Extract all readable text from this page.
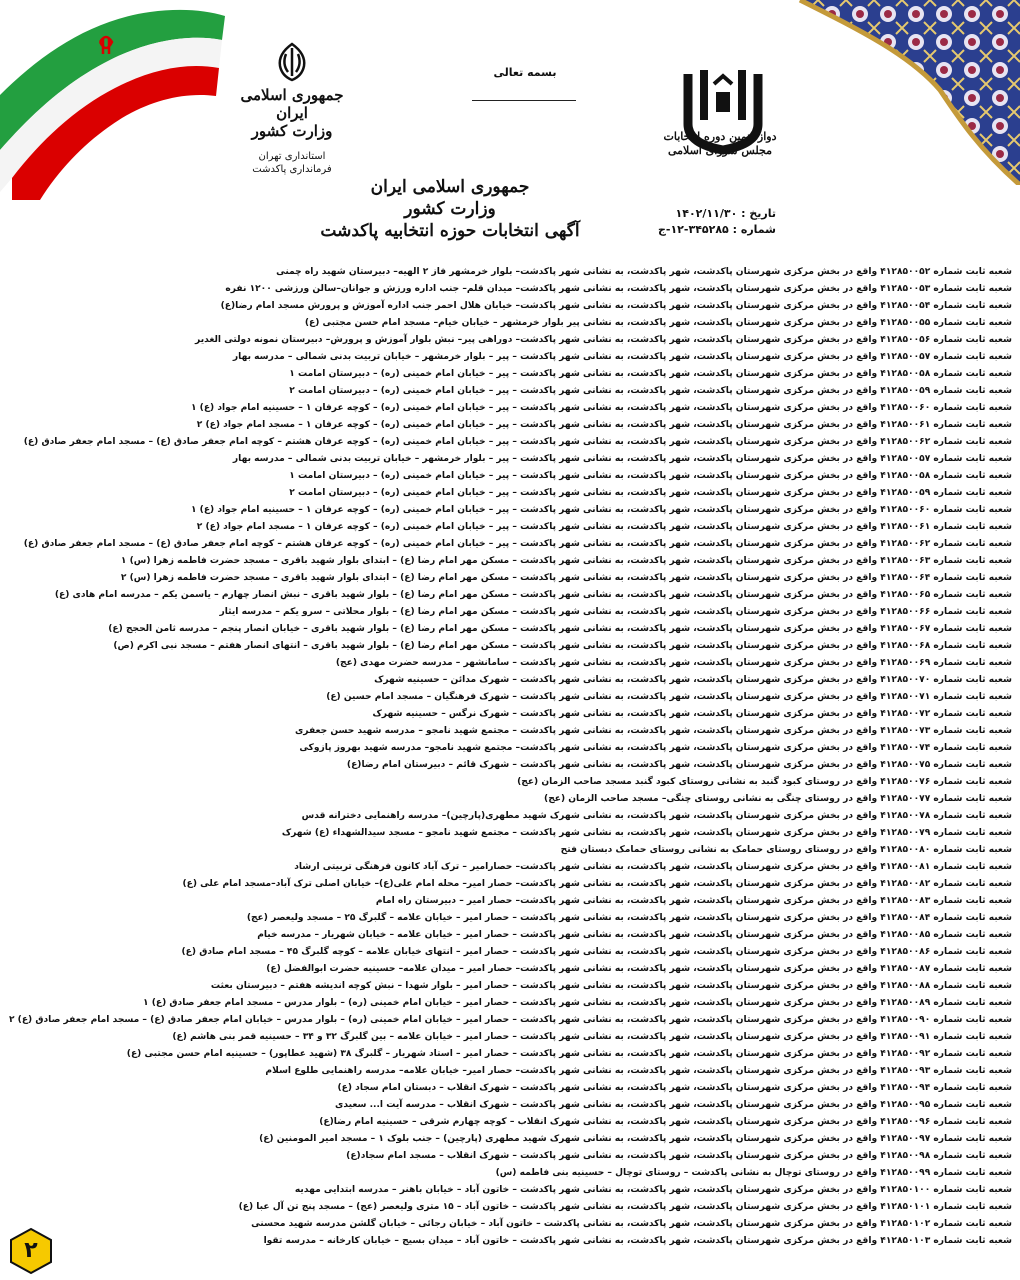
جمهوری اسلامی ایران
وزارت کشور
استانداری تهران
فرمانداری پاکدشت
بسمه تعالی
دوازدهمین دوره انتخابات
مجلس شورای اسلامی
جمهوری اسلامی ایران
وزارت کشور
آگهی انتخابات حوزه انتخابیه پاکدشت
تاریخ : ۱۴۰۲/۱۱/۳۰
شماره : ۳۴۵۲۸۵-۱۲-ج
شعبه ثابت شماره ۴۱۲۸۵۰۰۵۲ واقع در بخش مرکزی شهرستان پاکدشت، شهر پاکدشت، به نشانی شهر پاکدشت– بلوار خرمشهر فاز ۲ الهیه– دبیرستان شهید راه چمنی
شعبه ثابت شماره ۴۱۲۸۵۰۰۵۳ واقع در بخش مرکزی شهرستان پاکدشت، شهر پاکدشت، به نشانی شهر پاکدشت– میدان قلم– جنب اداره ورزش و جوانان–سالن ورزشی ۱۲۰۰ نفره
شعبه ثابت شماره ۴۱۲۸۵۰۰۵۴ واقع در بخش مرکزی شهرستان پاکدشت، شهر پاکدشت، به نشانی شهر پاکدشت– خیابان هلال احمر جنب اداره آموزش و پرورش مسجد امام رضا(ع)
شعبه ثابت شماره ۴۱۲۸۵۰۰۵۵ واقع در بخش مرکزی شهرستان پاکدشت، شهر پاکدشت، به نشانی پیر بلوار خرمشهر – خیابان خیام– مسجد امام حسن مجتبی (ع)
شعبه ثابت شماره ۴۱۲۸۵۰۰۵۶ واقع در بخش مرکزی شهرستان پاکدشت، شهر پاکدشت، به نشانی شهر پاکدشت– دوراهی پیر– نبش بلوار آموزش و پرورش– دبیرستان نمونه دولتی الغدیر
شعبه ثابت شماره ۴۱۲۸۵۰۰۵۷ واقع در بخش مرکزی شهرستان پاکدشت، شهر پاکدشت، به نشانی شهر پاکدشت – پیر – بلوار خرمشهر – خیابان تربیت بدنی شمالی – مدرسه بهار
شعبه ثابت شماره ۴۱۲۸۵۰۰۵۸ واقع در بخش مرکزی شهرستان پاکدشت، شهر پاکدشت، به نشانی شهر پاکدشت – پیر – خیابان امام خمینی (ره) – دبیرستان امامت ۱
شعبه ثابت شماره ۴۱۲۸۵۰۰۵۹ واقع در بخش مرکزی شهرستان پاکدشت، شهر پاکدشت، به نشانی شهر پاکدشت – پیر – خیابان امام خمینی (ره) – دبیرستان امامت ۲
شعبه ثابت شماره ۴۱۲۸۵۰۰۶۰ واقع در بخش مرکزی شهرستان پاکدشت، شهر پاکدشت، به نشانی شهر پاکدشت – پیر – خیابان امام خمینی (ره) – کوچه عرفان ۱ – حسینیه امام جواد (ع) ۱
شعبه ثابت شماره ۴۱۲۸۵۰۰۶۱ واقع در بخش مرکزی شهرستان پاکدشت، شهر پاکدشت، به نشانی شهر پاکدشت – پیر – خیابان امام خمینی (ره) – کوچه عرفان ۱ – مسجد امام جواد (ع) ۲
شعبه ثابت شماره ۴۱۲۸۵۰۰۶۲ واقع در بخش مرکزی شهرستان پاکدشت، شهر پاکدشت، به نشانی شهر پاکدشت – پیر – خیابان امام خمینی (ره) – کوچه عرفان هشتم – کوچه امام جعفر صادق (ع) – مسجد امام جعفر صادق (ع)
شعبه ثابت شماره ۴۱۲۸۵۰۰۵۷ واقع در بخش مرکزی شهرستان پاکدشت، شهر پاکدشت، به نشانی شهر پاکدشت – پیر – بلوار خرمشهر – خیابان تربیت بدنی شمالی – مدرسه بهار
شعبه ثابت شماره ۴۱۲۸۵۰۰۵۸ واقع در بخش مرکزی شهرستان پاکدشت، شهر پاکدشت، به نشانی شهر پاکدشت – پیر – خیابان امام خمینی (ره) – دبیرستان امامت ۱
شعبه ثابت شماره ۴۱۲۸۵۰۰۵۹ واقع در بخش مرکزی شهرستان پاکدشت، شهر پاکدشت، به نشانی شهر پاکدشت – پیر – خیابان امام خمینی (ره) – دبیرستان امامت ۲
شعبه ثابت شماره ۴۱۲۸۵۰۰۶۰ واقع در بخش مرکزی شهرستان پاکدشت، شهر پاکدشت، به نشانی شهر پاکدشت – پیر – خیابان امام خمینی (ره) – کوچه عرفان ۱ – حسینیه امام جواد (ع) ۱
شعبه ثابت شماره ۴۱۲۸۵۰۰۶۱ واقع در بخش مرکزی شهرستان پاکدشت، شهر پاکدشت، به نشانی شهر پاکدشت – پیر – خیابان امام خمینی (ره) – کوچه عرفان ۱ – مسجد امام جواد (ع) ۲
شعبه ثابت شماره ۴۱۲۸۵۰۰۶۲ واقع در بخش مرکزی شهرستان پاکدشت، شهر پاکدشت، به نشانی شهر پاکدشت – پیر – خیابان امام خمینی (ره) – کوچه عرفان هشتم – کوچه امام جعفر صادق (ع) – مسجد امام جعفر صادق (ع)
شعبه ثابت شماره ۴۱۲۸۵۰۰۶۳ واقع در بخش مرکزی شهرستان پاکدشت، شهر پاکدشت، به نشانی شهر پاکدشت – مسکن مهر امام رضا (ع) – ابتدای بلوار شهید باقری – مسجد حضرت فاطمه زهرا (س) ۱
شعبه ثابت شماره ۴۱۲۸۵۰۰۶۴ واقع در بخش مرکزی شهرستان پاکدشت، شهر پاکدشت، به نشانی شهر پاکدشت – مسکن مهر امام رضا (ع) – ابتدای بلوار شهید باقری – مسجد حضرت فاطمه زهرا (س) ۲
شعبه ثابت شماره ۴۱۲۸۵۰۰۶۵ واقع در بخش مرکزی شهرستان پاکدشت، شهر پاکدشت، به نشانی شهر پاکدشت – مسکن مهر امام رضا (ع) – بلوار شهید باقری – نبش انصار چهارم – یاسمن یکم – مدرسه امام هادی (ع)
شعبه ثابت شماره ۴۱۲۸۵۰۰۶۶ واقع در بخش مرکزی شهرستان پاکدشت، شهر پاکدشت، به نشانی شهر پاکدشت – مسکن مهر امام رضا (ع) – بلوار محلاتی – سرو یکم – مدرسه ایثار
شعبه ثابت شماره ۴۱۲۸۵۰۰۶۷ واقع در بخش مرکزی شهرستان پاکدشت، شهر پاکدشت، به نشانی شهر پاکدشت – مسکن مهر امام رضا (ع) – بلوار شهید باقری – خیابان انصار پنجم – مدرسه ثامن الحجج (ع)
شعبه ثابت شماره ۴۱۲۸۵۰۰۶۸ واقع در بخش مرکزی شهرستان پاکدشت، شهر پاکدشت، به نشانی شهر پاکدشت – مسکن مهر امام رضا (ع) – بلوار شهید باقری – انتهای انصار هفتم – مسجد نبی اکرم (ص)
شعبه ثابت شماره ۴۱۲۸۵۰۰۶۹ واقع در بخش مرکزی شهرستان پاکدشت، شهر پاکدشت، به نشانی شهر پاکدشت – سامانشهر – مدرسه حضرت مهدی (عج)
شعبه ثابت شماره ۴۱۲۸۵۰۰۷۰ واقع در بخش مرکزی شهرستان پاکدشت، شهر پاکدشت، به نشانی شهر پاکدشت – شهرک مدائن – حسینیه شهرک
شعبه ثابت شماره ۴۱۲۸۵۰۰۷۱ واقع در بخش مرکزی شهرستان پاکدشت، شهر پاکدشت، به نشانی شهر پاکدشت – شهرک فرهنگیان – مسجد امام حسین (ع)
شعبه ثابت شماره ۴۱۲۸۵۰۰۷۲ واقع در بخش مرکزی شهرستان پاکدشت، شهر پاکدشت، به نشانی شهر پاکدشت – شهرک نرگس – حسینیه شهرک
شعبه ثابت شماره ۴۱۲۸۵۰۰۷۳ واقع در بخش مرکزی شهرستان پاکدشت، شهر پاکدشت، به نشانی شهر پاکدشت – مجتمع شهید نامجو – مدرسه شهید حسن جعفری
شعبه ثابت شماره ۴۱۲۸۵۰۰۷۴ واقع در بخش مرکزی شهرستان پاکدشت، شهر پاکدشت، به نشانی شهر پاکدشت– مجتمع شهید نامجو– مدرسه شهید بهروز پازوکی
شعبه ثابت شماره ۴۱۲۸۵۰۰۷۵ واقع در بخش مرکزی شهرستان پاکدشت، شهر پاکدشت، به نشانی شهر پاکدشت – شهرک قائم – دبیرستان امام رضا(ع)
شعبه ثابت شماره ۴۱۲۸۵۰۰۷۶ واقع در روستای کبود گنبد به نشانی روستای کبود گنبد مسجد صاحب الزمان (عج)
شعبه ثابت شماره ۴۱۲۸۵۰۰۷۷ واقع در روستای چنگی به نشانی روستای چنگی– مسجد صاحب الزمان (عج)
شعبه ثابت شماره ۴۱۲۸۵۰۰۷۸ واقع در بخش مرکزی شهرستان پاکدشت، شهر پاکدشت، به نشانی شهرک شهید مطهری(پارچین)– مدرسه راهنمایی دخترانه قدس
شعبه ثابت شماره ۴۱۲۸۵۰۰۷۹ واقع در بخش مرکزی شهرستان پاکدشت، شهر پاکدشت، به نشانی شهر پاکدشت – مجتمع شهید نامجو – مسجد سیدالشهداء (ع) شهرک
شعبه ثابت شماره ۴۱۲۸۵۰۰۸۰ واقع در روستای روستای حمامک به نشانی روستای حمامک دبستان فتح
شعبه ثابت شماره ۴۱۲۸۵۰۰۸۱ واقع در بخش مرکزی شهرستان پاکدشت، شهر پاکدشت، به نشانی شهر پاکدشت– حصارامیر – ترک آباد کانون فرهنگی تربیتی ارشاد
شعبه ثابت شماره ۴۱۲۸۵۰۰۸۲ واقع در بخش مرکزی شهرستان پاکدشت، شهر پاکدشت، به نشانی شهر پاکدشت– حصار امیر– محله امام علی(ع)– خیابان اصلی ترک آباد–مسجد امام علی (ع)
شعبه ثابت شماره ۴۱۲۸۵۰۰۸۳ واقع در بخش مرکزی شهرستان پاکدشت، شهر پاکدشت، به نشانی شهر پاکدشت– حصار امیر – دبیرستان راه امام
شعبه ثابت شماره ۴۱۲۸۵۰۰۸۴ واقع در بخش مرکزی شهرستان پاکدشت، شهر پاکدشت، به نشانی شهر پاکدشت – حصار امیر – خیابان علامه – گلبرگ ۲۵ – مسجد ولیعصر (عج)
شعبه ثابت شماره ۴۱۲۸۵۰۰۸۵ واقع در بخش مرکزی شهرستان پاکدشت، شهر پاکدشت، به نشانی شهر پاکدشت – حصار امیر – خیابان علامه – خیابان شهریار – مدرسه خیام
شعبه ثابت شماره ۴۱۲۸۵۰۰۸۶ واقع در بخش مرکزی شهرستان پاکدشت، شهر پاکدشت، به نشانی شهر پاکدشت – حصار امیر – انتهای خیابان علامه – کوچه گلبرگ ۴۵ – مسجد امام صادق (ع)
شعبه ثابت شماره ۴۱۲۸۵۰۰۸۷ واقع در بخش مرکزی شهرستان پاکدشت، شهر پاکدشت، به نشانی شهر پاکدشت– حصار امیر – میدان علامه– حسینیه حضرت ابوالفضل (ع)
شعبه ثابت شماره ۴۱۲۸۵۰۰۸۸ واقع در بخش مرکزی شهرستان پاکدشت، شهر پاکدشت، به نشانی شهر پاکدشت – حصار امیر – بلوار شهدا – نبش کوچه اندیشه هفتم – دبیرستان بعثت
شعبه ثابت شماره ۴۱۲۸۵۰۰۸۹ واقع در بخش مرکزی شهرستان پاکدشت، شهر پاکدشت، به نشانی شهر پاکدشت – حصار امیر – خیابان امام خمینی (ره) – بلوار مدرس – مسجد امام جعفر صادق (ع) ۱
شعبه ثابت شماره ۴۱۲۸۵۰۰۹۰ واقع در بخش مرکزی شهرستان پاکدشت، شهر پاکدشت، به نشانی شهر پاکدشت – حصار امیر – خیابان امام خمینی (ره) – بلوار مدرس – خیابان امام جعفر صادق (ع) – مسجد امام جعفر صادق (ع) ۲
شعبه ثابت شماره ۴۱۲۸۵۰۰۹۱ واقع در بخش مرکزی شهرستان پاکدشت، شهر پاکدشت، به نشانی شهر پاکدشت – حصار امیر – خیابان علامه – بین گلبرگ ۳۲ و ۳۴ – حسینیه قمر بنی هاشم (ع)
شعبه ثابت شماره ۴۱۲۸۵۰۰۹۲ واقع در بخش مرکزی شهرستان پاکدشت، شهر پاکدشت، به نشانی شهر پاکدشت – حصار امیر – استاد شهریار – گلبرگ ۳۸ (شهید عطاپور) – حسینیه امام حسن مجتبی (ع)
شعبه ثابت شماره ۴۱۲۸۵۰۰۹۳ واقع در بخش مرکزی شهرستان پاکدشت، شهر پاکدشت، به نشانی شهر پاکدشت– حصار امیر– خیابان علامه– مدرسه راهنمایی طلوع اسلام
شعبه ثابت شماره ۴۱۲۸۵۰۰۹۴ واقع در بخش مرکزی شهرستان پاکدشت، شهر پاکدشت، به نشانی شهر پاکدشت – شهرک انقلاب – دبستان امام سجاد (ع)
شعبه ثابت شماره ۴۱۲۸۵۰۰۹۵ واقع در بخش مرکزی شهرستان پاکدشت، شهر پاکدشت، به نشانی شهر پاکدشت – شهرک انقلاب – مدرسه آیت ا... سعیدی
شعبه ثابت شماره ۴۱۲۸۵۰۰۹۶ واقع در بخش مرکزی شهرستان پاکدشت، شهر پاکدشت، به نشانی شهرک انقلاب – کوچه چهارم شرقی – حسینیه امام رضا(ع)
شعبه ثابت شماره ۴۱۲۸۵۰۰۹۷ واقع در بخش مرکزی شهرستان پاکدشت، شهر پاکدشت، به نشانی شهرک شهید مطهری (پارچین) – جنب بلوک ۱ – مسجد امیر المومنین (ع)
شعبه ثابت شماره ۴۱۲۸۵۰۰۹۸ واقع در بخش مرکزی شهرستان پاکدشت، شهر پاکدشت، به نشانی شهر پاکدشت – شهرک انقلاب – مسجد امام سجاد(ع)
شعبه ثابت شماره ۴۱۲۸۵۰۰۹۹ واقع در روستای توچال به نشانی پاکدشت – روستای توچال – حسینیه بنی فاطمه (س)
شعبه ثابت شماره ۴۱۲۸۵۰۱۰۰ واقع در بخش مرکزی شهرستان پاکدشت، شهر پاکدشت، به نشانی شهر پاکدشت – خاتون آباد – خیابان باهنر – مدرسه ابتدایی مهدیه
شعبه ثابت شماره ۴۱۲۸۵۰۱۰۱ واقع در بخش مرکزی شهرستان پاکدشت، شهر پاکدشت، به نشانی شهر پاکدشت – خاتون آباد – ۱۵ متری ولیعصر (عج) – مسجد پنج تن آل عبا (ع)
شعبه ثابت شماره ۴۱۲۸۵۰۱۰۲ واقع در بخش مرکزی شهرستان پاکدشت، شهر پاکدشت، به نشانی پاکدشت – خاتون آباد – خیابان رجائی – خیابان گلشن مدرسه شهید محسنی
شعبه ثابت شماره ۴۱۲۸۵۰۱۰۳ واقع در بخش مرکزی شهرستان پاکدشت، شهر پاکدشت، به نشانی شهر پاکدشت – خاتون آباد – میدان بسیج – خیابان کارخانه – مدرسه تقوا
۲
